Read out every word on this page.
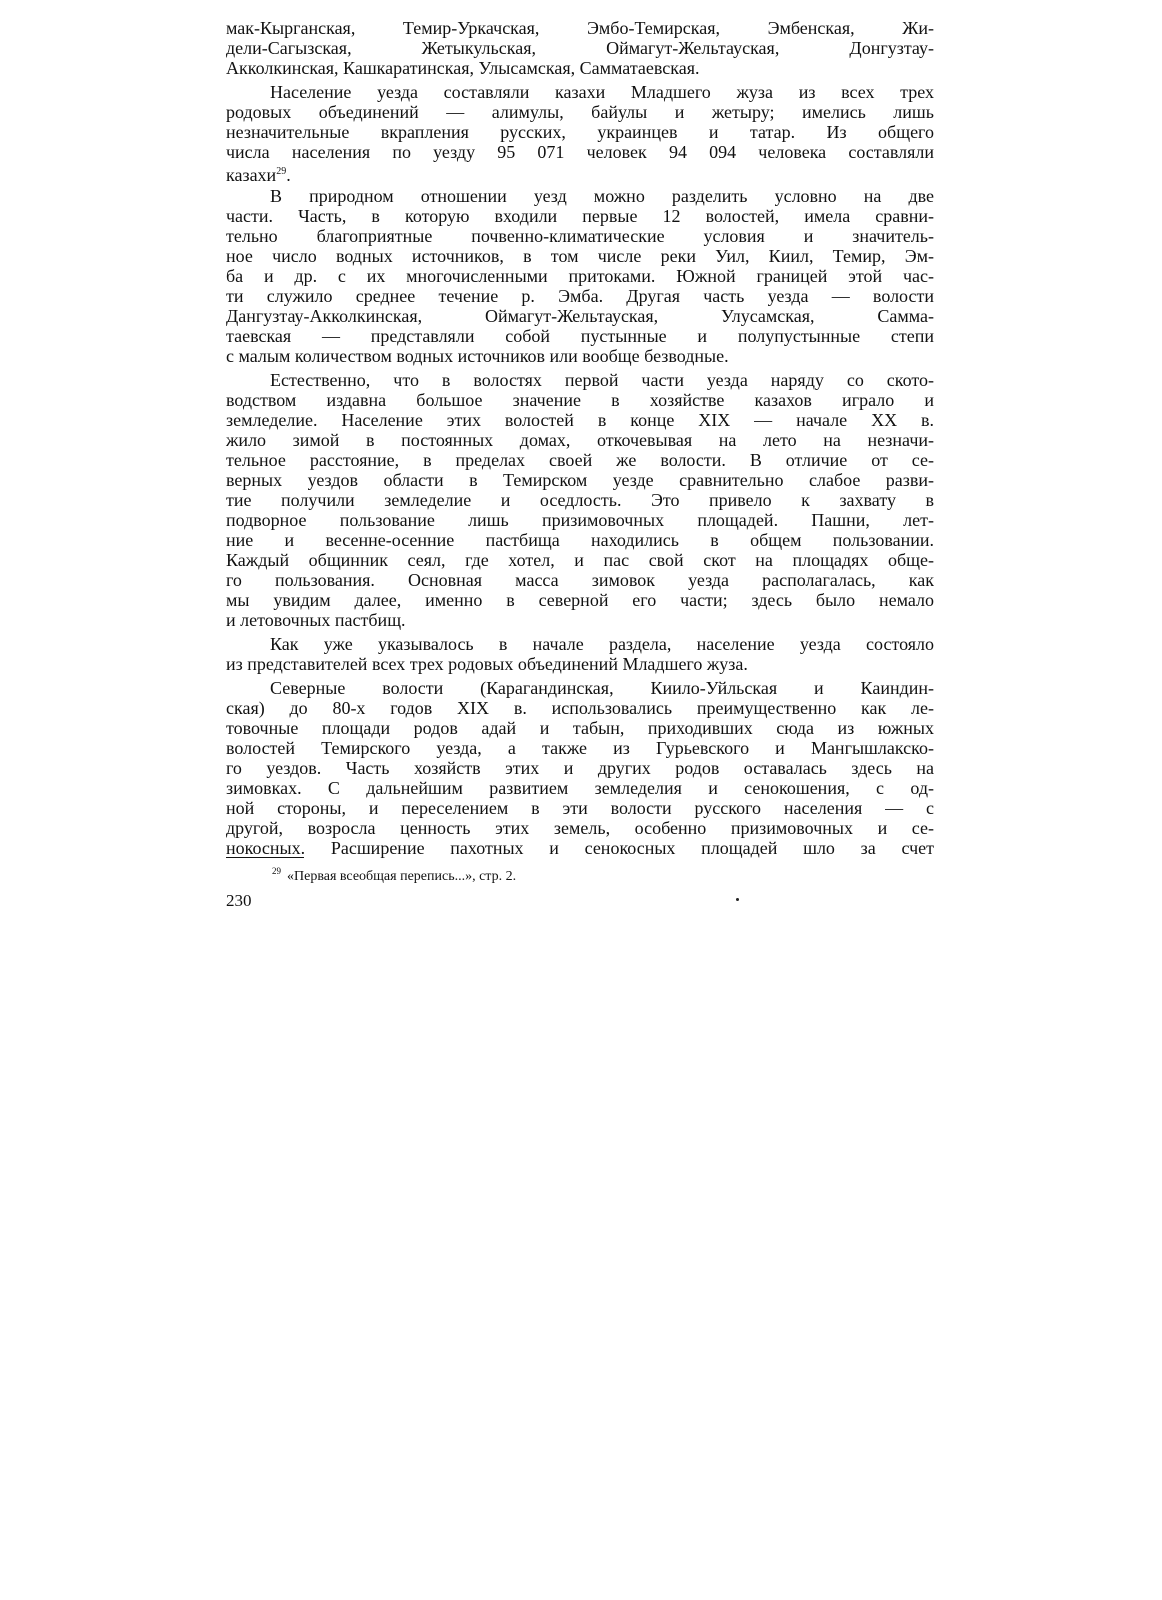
мак-Кырганская, Темир-Уркачская, Эмбо-Темирская, Эмбенская, Жи-
дели-Сагызская, Жетыкульская, Оймагут-Жельтауская, Донгузтау-
Акколкинская, Кашкаратинская, Улысамская, Самматаевская.
Население уезда составляли казахи Младшего жуза из всех трех
родовых объединений — алимулы, байулы и жетыру; имелись лишь
незначительные вкрапления русских, украинцев и татар. Из общего
числа населения по уезду 95 071 человек 94 094 человека составляли
казахи$^{29}$.
В природном отношении уезд можно разделить условно на две
части. Часть, в которую входили первые 12 волостей, имела сравни-
тельно благоприятные почвенно-климатические условия и значитель-
ное число водных источников, в том числе реки Уил, Киил, Темир, Эм-
ба и др. с их многочисленными притоками. Южной границей этой час-
ти служило среднее течение р. Эмба. Другая часть уезда — волости
Дангузтау-Акколкинская, Оймагут-Жельтауская, Улусамская, Самма-
таевская — представляли собой пустынные и полупустынные степи
с малым количеством водных источников или вообще безводные.
Естественно, что в волостях первой части уезда наряду со ското-
водством издавна большое значение в хозяйстве казахов играло и
земледелие. Население этих волостей в конце XIX — начале XX в.
жило зимой в постоянных домах, откочевывая на лето на незначи-
тельное расстояние, в пределах своей же волости. В отличие от се-
верных уездов области в Темирском уезде сравнительно слабое разви-
тие получили земледелие и оседлость. Это привело к захвату в
подворное пользование лишь призимовочных площадей. Пашни, лет-
ние и весенне-осенние пастбища находились в общем пользовании.
Каждый общинник сеял, где хотел, и пас свой скот на площадях обще-
го пользования. Основная масса зимовок уезда располагалась, как
мы увидим далее, именно в северной его части; здесь было немало
и летовочных пастбищ.
Как уже указывалось в начале раздела, население уезда состояло
из представителей всех трех родовых объединений Младшего жуза.
Северные волости (Карагандинская, Киило-Уйльская и Каиндин-
ская) до 80-х годов XIX в. использовались преимущественно как ле-
товочные площади родов адай и табын, приходивших сюда из южных
волостей Темирского уезда, а также из Гурьевского и Мангышлакско-
го уездов. Часть хозяйств этих и других родов оставалась здесь на
зимовках. С дальнейшим развитием земледелия и сенокошения, с од-
ной стороны, и переселением в эти волости русского населения — с
другой, возросла ценность этих земель, особенно призимовочных и се-
нокосных. Расширение пахотных и сенокосных площадей шло за счет
$^{29}$ «Первая всеобщая перепись...», стр. 2.
230
